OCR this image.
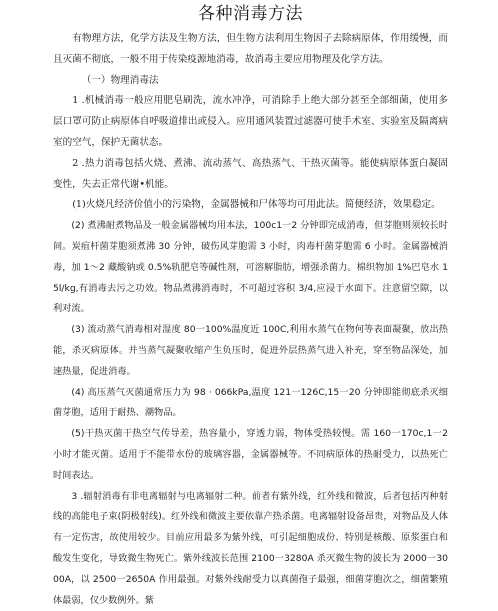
各种消毒方法

有物理方法，化学方法及生物方法，但生物方法利用生物因子去除病原体，作用缓慢，而且灭菌不彻底，一般不用于传染疫源地消毒，故消毒主要应用物理及化学方法。

（一）物理消毒法

1 .机械消毒一般应用肥皂刷洗，流水冲净，可消除手上绝大部分甚至全部细菌，使用多层口罩可防止病原体自呼吸道排出或侵入。应用通风装置过滤器可使手术室、实验室及隔离病室的空气，保护无菌状态。

2 .热力消毒包括火烧、煮沸、流动蒸气、高热蒸气、干热灭菌等。能使病原体蛋白凝固变性，失去正常代谢•机能。

(1)火烧凡经济价值小的污染物，金属器械和尸体等均可用此法。简便经济，效果稳定。

(2) 煮沸耐煮物品及一般金属器械均用本法，100c1一2 分钟即完成消毒，但芽胞则须较长时间。炭疽杆菌芽胞须煮沸 30 分钟，破伤风芽胞需 3 小时，肉毒杆菌芽胞需 6 小时。金属器械消毒，加 1〜2 藏酸钠或 0.5%轨肥皂等碱性剂，可溶解脂肪，增强杀菌力。棉织物加 1%巴皂水 15l/kg,有消毒去污之功效。物品煮沸消毒时，不可超过容积 3/4,应浸于水面下。注意留空隙，以利对流。

(3) 流动蒸气消毒相对湿度 80一100%温度近 100C,利用水蒸气在物何等表面凝聚，放出热能，杀灭病原体。并当蒸气凝聚收缩产生负压时，促进外层热蒸气进入补充，穿至物品深处，加速热量，促进消毒。

(4) 高压蒸气灭菌通常压力为 98 · 066kPa,温度 121一126C,15一20 分钟即能彻底杀灭细菌芽胞，适用于耐热、潮物品。

(5)干热灭菌干热空气传导差，热容量小，穿透力弱，物体受热较慢。需 160一170c,1一2 小时才能灭菌。适用于不能带水份的玻璃容器，金属器械等。不同病原体的热耐受力，以热死亡时间表达。

3 .辐射消毒有非电离辐射与电离辐射二种。前者有紫外线，红外线和微波，后者包括丙种射线的高能电子束(阴极射线)。红外线和微波主要依靠产热杀菌。电离辐射设备昂贵，对物品及人体有一定伤害，故使用较少。目前应用最多为紫外线，可引起细胞成份、特别是核酸、原浆蛋白和酸发生变化，导致微生物死亡。紫外线波长范围 2100一3280A 杀灭微生物的波长为 2000一3000A，以 2500一2650A 作用最强。对紫外线耐受力以真菌孢子最强，细菌芽胞次之，细菌繁殖体最弱，仅少数例外。紫
